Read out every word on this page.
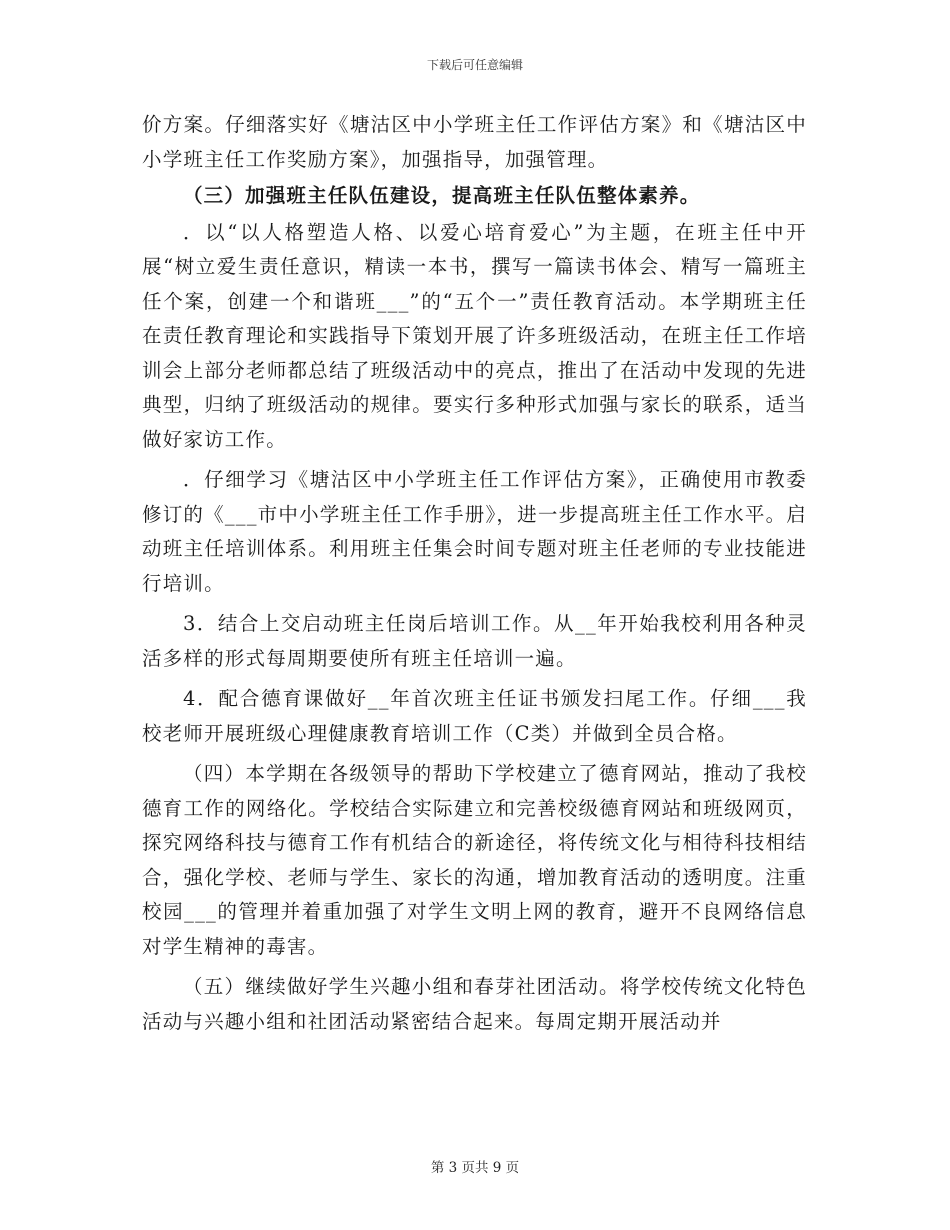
下载后可任意编辑

价方案。仔细落实好《塘沽区中小学班主任工作评估方案》和《塘沽区中小学班主任工作奖励方案》，加强指导，加强管理。

（三）加强班主任队伍建设，提高班主任队伍整体素养。

．以“以人格塑造人格、以爱心培育爱心”为主题，在班主任中开展“树立爱生责任意识，精读一本书，撰写一篇读书体会、精写一篇班主任个案，创建一个和谐班___”的“五个一”责任教育活动。本学期班主任在责任教育理论和实践指导下策划开展了许多班级活动，在班主任工作培训会上部分老师都总结了班级活动中的亮点，推出了在活动中发现的先进典型，归纳了班级活动的规律。要实行多种形式加强与家长的联系，适当做好家访工作。

．仔细学习《塘沽区中小学班主任工作评估方案》，正确使用市教委修订的《___市中小学班主任工作手册》，进一步提高班主任工作水平。启动班主任培训体系。利用班主任集会时间专题对班主任老师的专业技能进行培训。

3．结合上交启动班主任岗后培训工作。从__年开始我校利用各种灵活多样的形式每周期要使所有班主任培训一遍。

4．配合德育课做好__年首次班主任证书颁发扫尾工作。仔细___我校老师开展班级心理健康教育培训工作（C类）并做到全员合格。

（四）本学期在各级领导的帮助下学校建立了德育网站，推动了我校德育工作的网络化。学校结合实际建立和完善校级德育网站和班级网页，探究网络科技与德育工作有机结合的新途径，将传统文化与相待科技相结合，强化学校、老师与学生、家长的沟通，增加教育活动的透明度。注重校园___的管理并着重加强了对学生文明上网的教育，避开不良网络信息对学生精神的毒害。

（五）继续做好学生兴趣小组和春芽社团活动。将学校传统文化特色活动与兴趣小组和社团活动紧密结合起来。每周定期开展活动并

第 3 页共 9 页
